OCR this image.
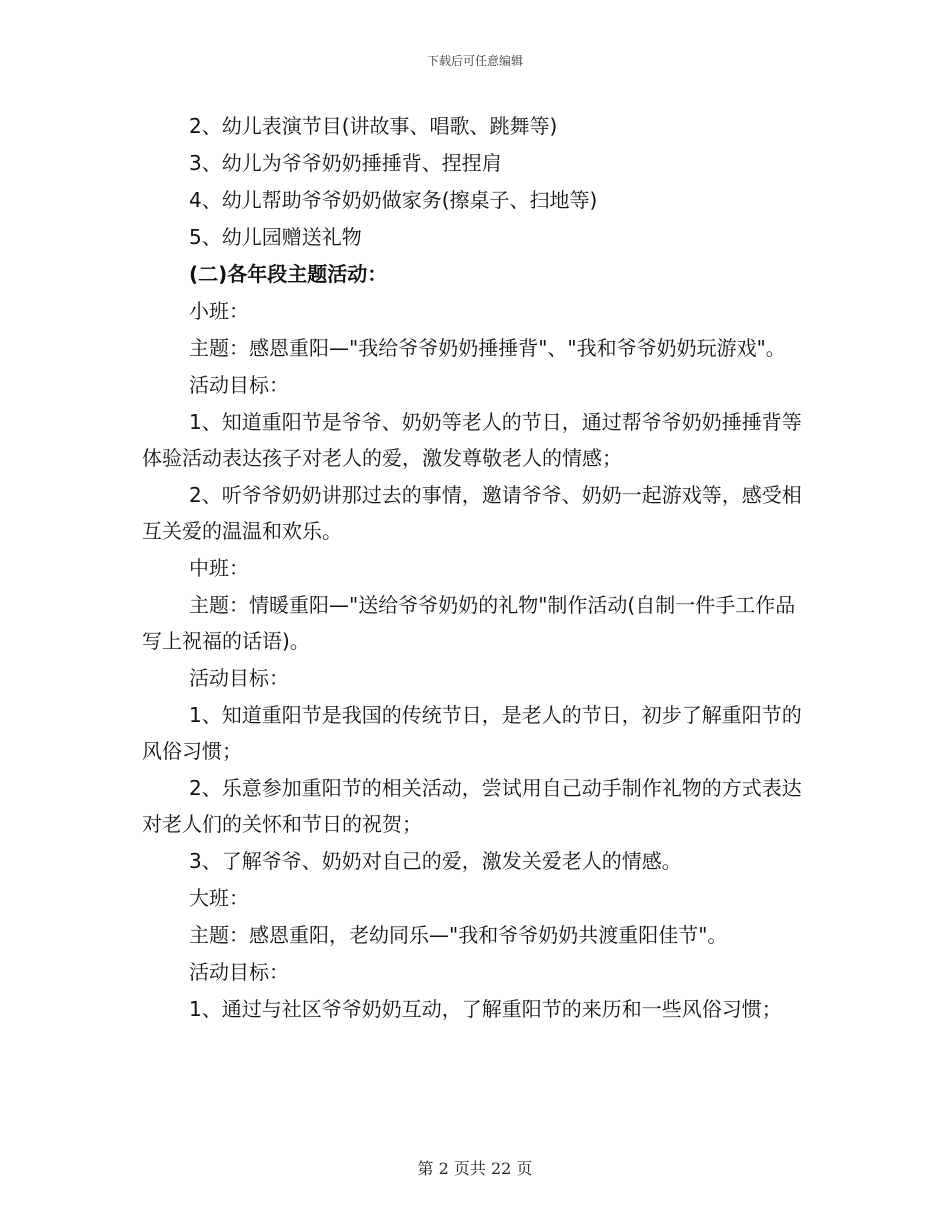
下载后可任意编辑

2、幼儿表演节目(讲故事、唱歌、跳舞等)

3、幼儿为爷爷奶奶捶捶背、捏捏肩

4、幼儿帮助爷爷奶奶做家务(擦桌子、扫地等)

5、幼儿园赠送礼物

(二)各年段主题活动：

小班：

主题：感恩重阳—"我给爷爷奶奶捶捶背"、"我和爷爷奶奶玩游戏"。

活动目标：

1、知道重阳节是爷爷、奶奶等老人的节日，通过帮爷爷奶奶捶捶背等体验活动表达孩子对老人的爱，激发尊敬老人的情感；

2、听爷爷奶奶讲那过去的事情，邀请爷爷、奶奶一起游戏等，感受相互关爱的温温和欢乐。

中班：

主题：情暖重阳—"送给爷爷奶奶的礼物"制作活动(自制一件手工作品写上祝福的话语)。

活动目标：

1、知道重阳节是我国的传统节日，是老人的节日，初步了解重阳节的风俗习惯；

2、乐意参加重阳节的相关活动，尝试用自己动手制作礼物的方式表达对老人们的关怀和节日的祝贺；

3、了解爷爷、奶奶对自己的爱，激发关爱老人的情感。

大班：

主题：感恩重阳，老幼同乐—"我和爷爷奶奶共渡重阳佳节"。

活动目标：

1、通过与社区爷爷奶奶互动，了解重阳节的来历和一些风俗习惯；

第 2 页共 22 页
